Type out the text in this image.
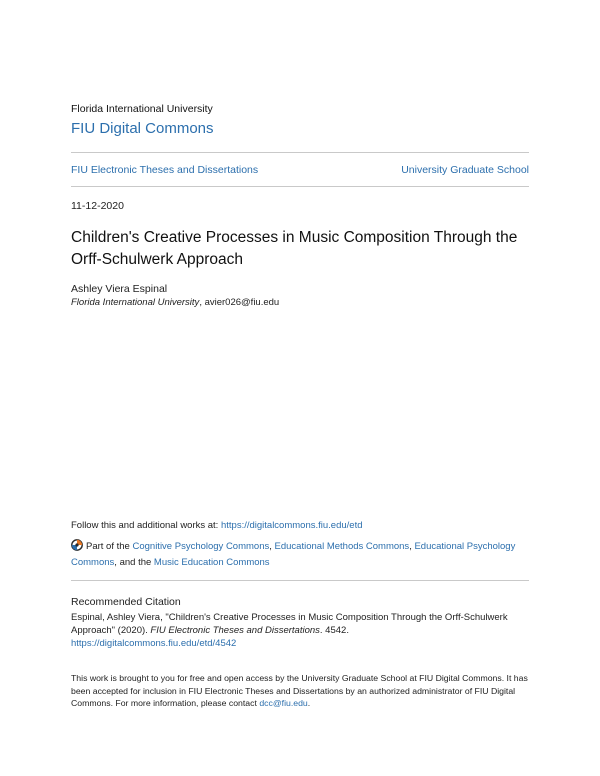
Florida International University
FIU Digital Commons
FIU Electronic Theses and Dissertations	University Graduate School
11-12-2020
Children's Creative Processes in Music Composition Through the Orff-Schulwerk Approach
Ashley Viera Espinal
Florida International University, avier026@fiu.edu
Follow this and additional works at: https://digitalcommons.fiu.edu/etd
Part of the Cognitive Psychology Commons, Educational Methods Commons, Educational Psychology Commons, and the Music Education Commons
Recommended Citation
Espinal, Ashley Viera, "Children's Creative Processes in Music Composition Through the Orff-Schulwerk Approach" (2020). FIU Electronic Theses and Dissertations. 4542.
https://digitalcommons.fiu.edu/etd/4542
This work is brought to you for free and open access by the University Graduate School at FIU Digital Commons. It has been accepted for inclusion in FIU Electronic Theses and Dissertations by an authorized administrator of FIU Digital Commons. For more information, please contact dcc@fiu.edu.
